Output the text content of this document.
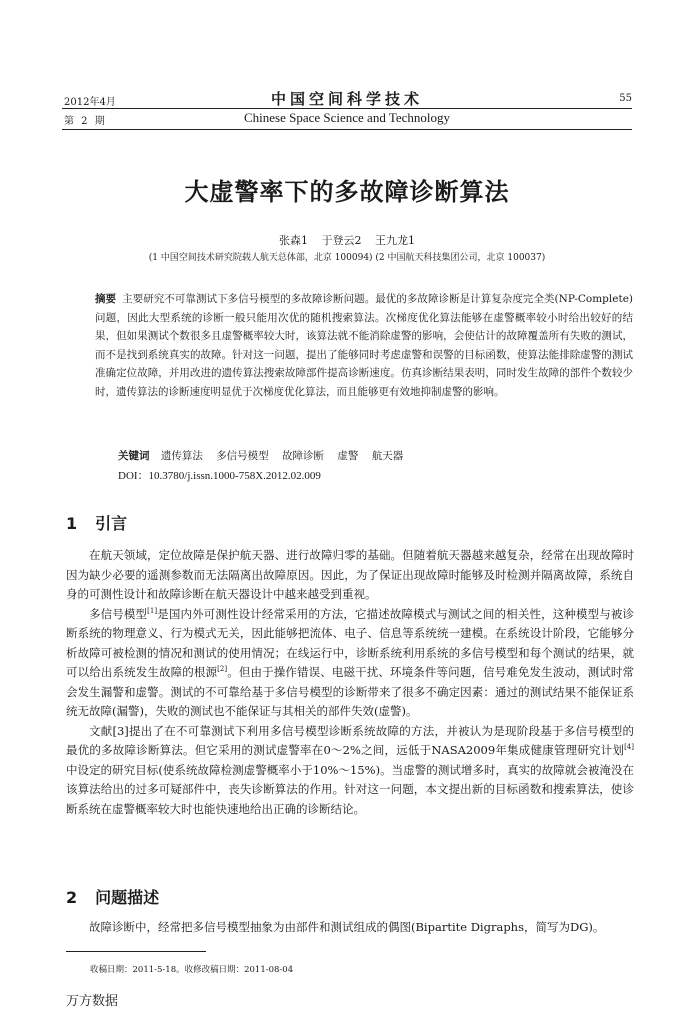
2012年4月	中国空间科学技术	55
第 2 期	Chinese Space Science and Technology
大虚警率下的多故障诊断算法
张森1 于登云2 王九龙1
(1 中国空间技术研究院载人航天总体部，北京 100094) (2 中国航天科技集团公司，北京 100037)
摘要 主要研究不可靠测试下多信号模型的多故障诊断问题。最优的多故障诊断是计算复杂度完全类(NP-Complete)问题，因此大型系统的诊断一般只能用次优的随机搜索算法。次梯度优化算法能够在虚警概率较小时给出较好的结果，但如果测试个数很多且虚警概率较大时，该算法就不能消除虚警的影响，会使估计的故障覆盖所有失败的测试，而不是找到系统真实的故障。针对这一问题，提出了能够同时考虑虚警和误警的目标函数，使算法能排除虚警的测试准确定位故障，并用改进的遗传算法搜索故障部件提高诊断速度。仿真诊断结果表明，同时发生故障的部件个数较少时，遗传算法的诊断速度明显优于次梯度优化算法，而且能够更有效地抑制虚警的影响。
关键词 遗传算法 多信号模型 故障诊断 虚警 航天器
DOI：10.3780/j.issn.1000-758X.2012.02.009
1 引言

在航天领域，定位故障是保护航天器、进行故障归零的基础。但随着航天器越来越复杂，经常在出现故障时因为缺少必要的遥测参数而无法隔离出故障原因。因此，为了保证出现故障时能够及时检测并隔离故障，系统自身的可测性设计和故障诊断在航天器设计中越来越受到重视。

多信号模型[1]是国内外可测性设计经常采用的方法，它描述故障模式与测试之间的相关性，这种模型与被诊断系统的物理意义、行为模式无关，因此能够把流体、电子、信息等系统统一建模。在系统设计阶段，它能够分析故障可被检测的情况和测试的使用情况；在线运行中，诊断系统利用系统的多信号模型和每个测试的结果，就可以给出系统发生故障的根源[2]。但由于操作错误、电磁干扰、环境条件等问题，信号难免发生波动，测试时常会发生漏警和虚警。测试的不可靠给基于多信号模型的诊断带来了很多不确定因素：通过的测试结果不能保证系统无故障(漏警)，失败的测试也不能保证与其相关的部件失效(虚警)。

文献[3]提出了在不可靠测试下利用多信号模型诊断系统故障的方法，并被认为是现阶段基于多信号模型的最优的多故障诊断算法。但它采用的测试虚警率在0～2%之间，远低于NASA2009年集成健康管理研究计划[4]中设定的研究目标(使系统故障检测虚警概率小于10%～15%)。当虚警的测试增多时，真实的故障就会被淹没在该算法给出的过多可疑部件中，丧失诊断算法的作用。针对这一问题，本文提出新的目标函数和搜索算法，使诊断系统在虚警概率较大时也能快速地给出正确的诊断结论。

2 问题描述

故障诊断中，经常把多信号模型抽象为由部件和测试组成的偶图(Bipartite Digraphs，简写为DG)。

收稿日期：2011-5-18。收修改稿日期：2011-08-04
万方数据
